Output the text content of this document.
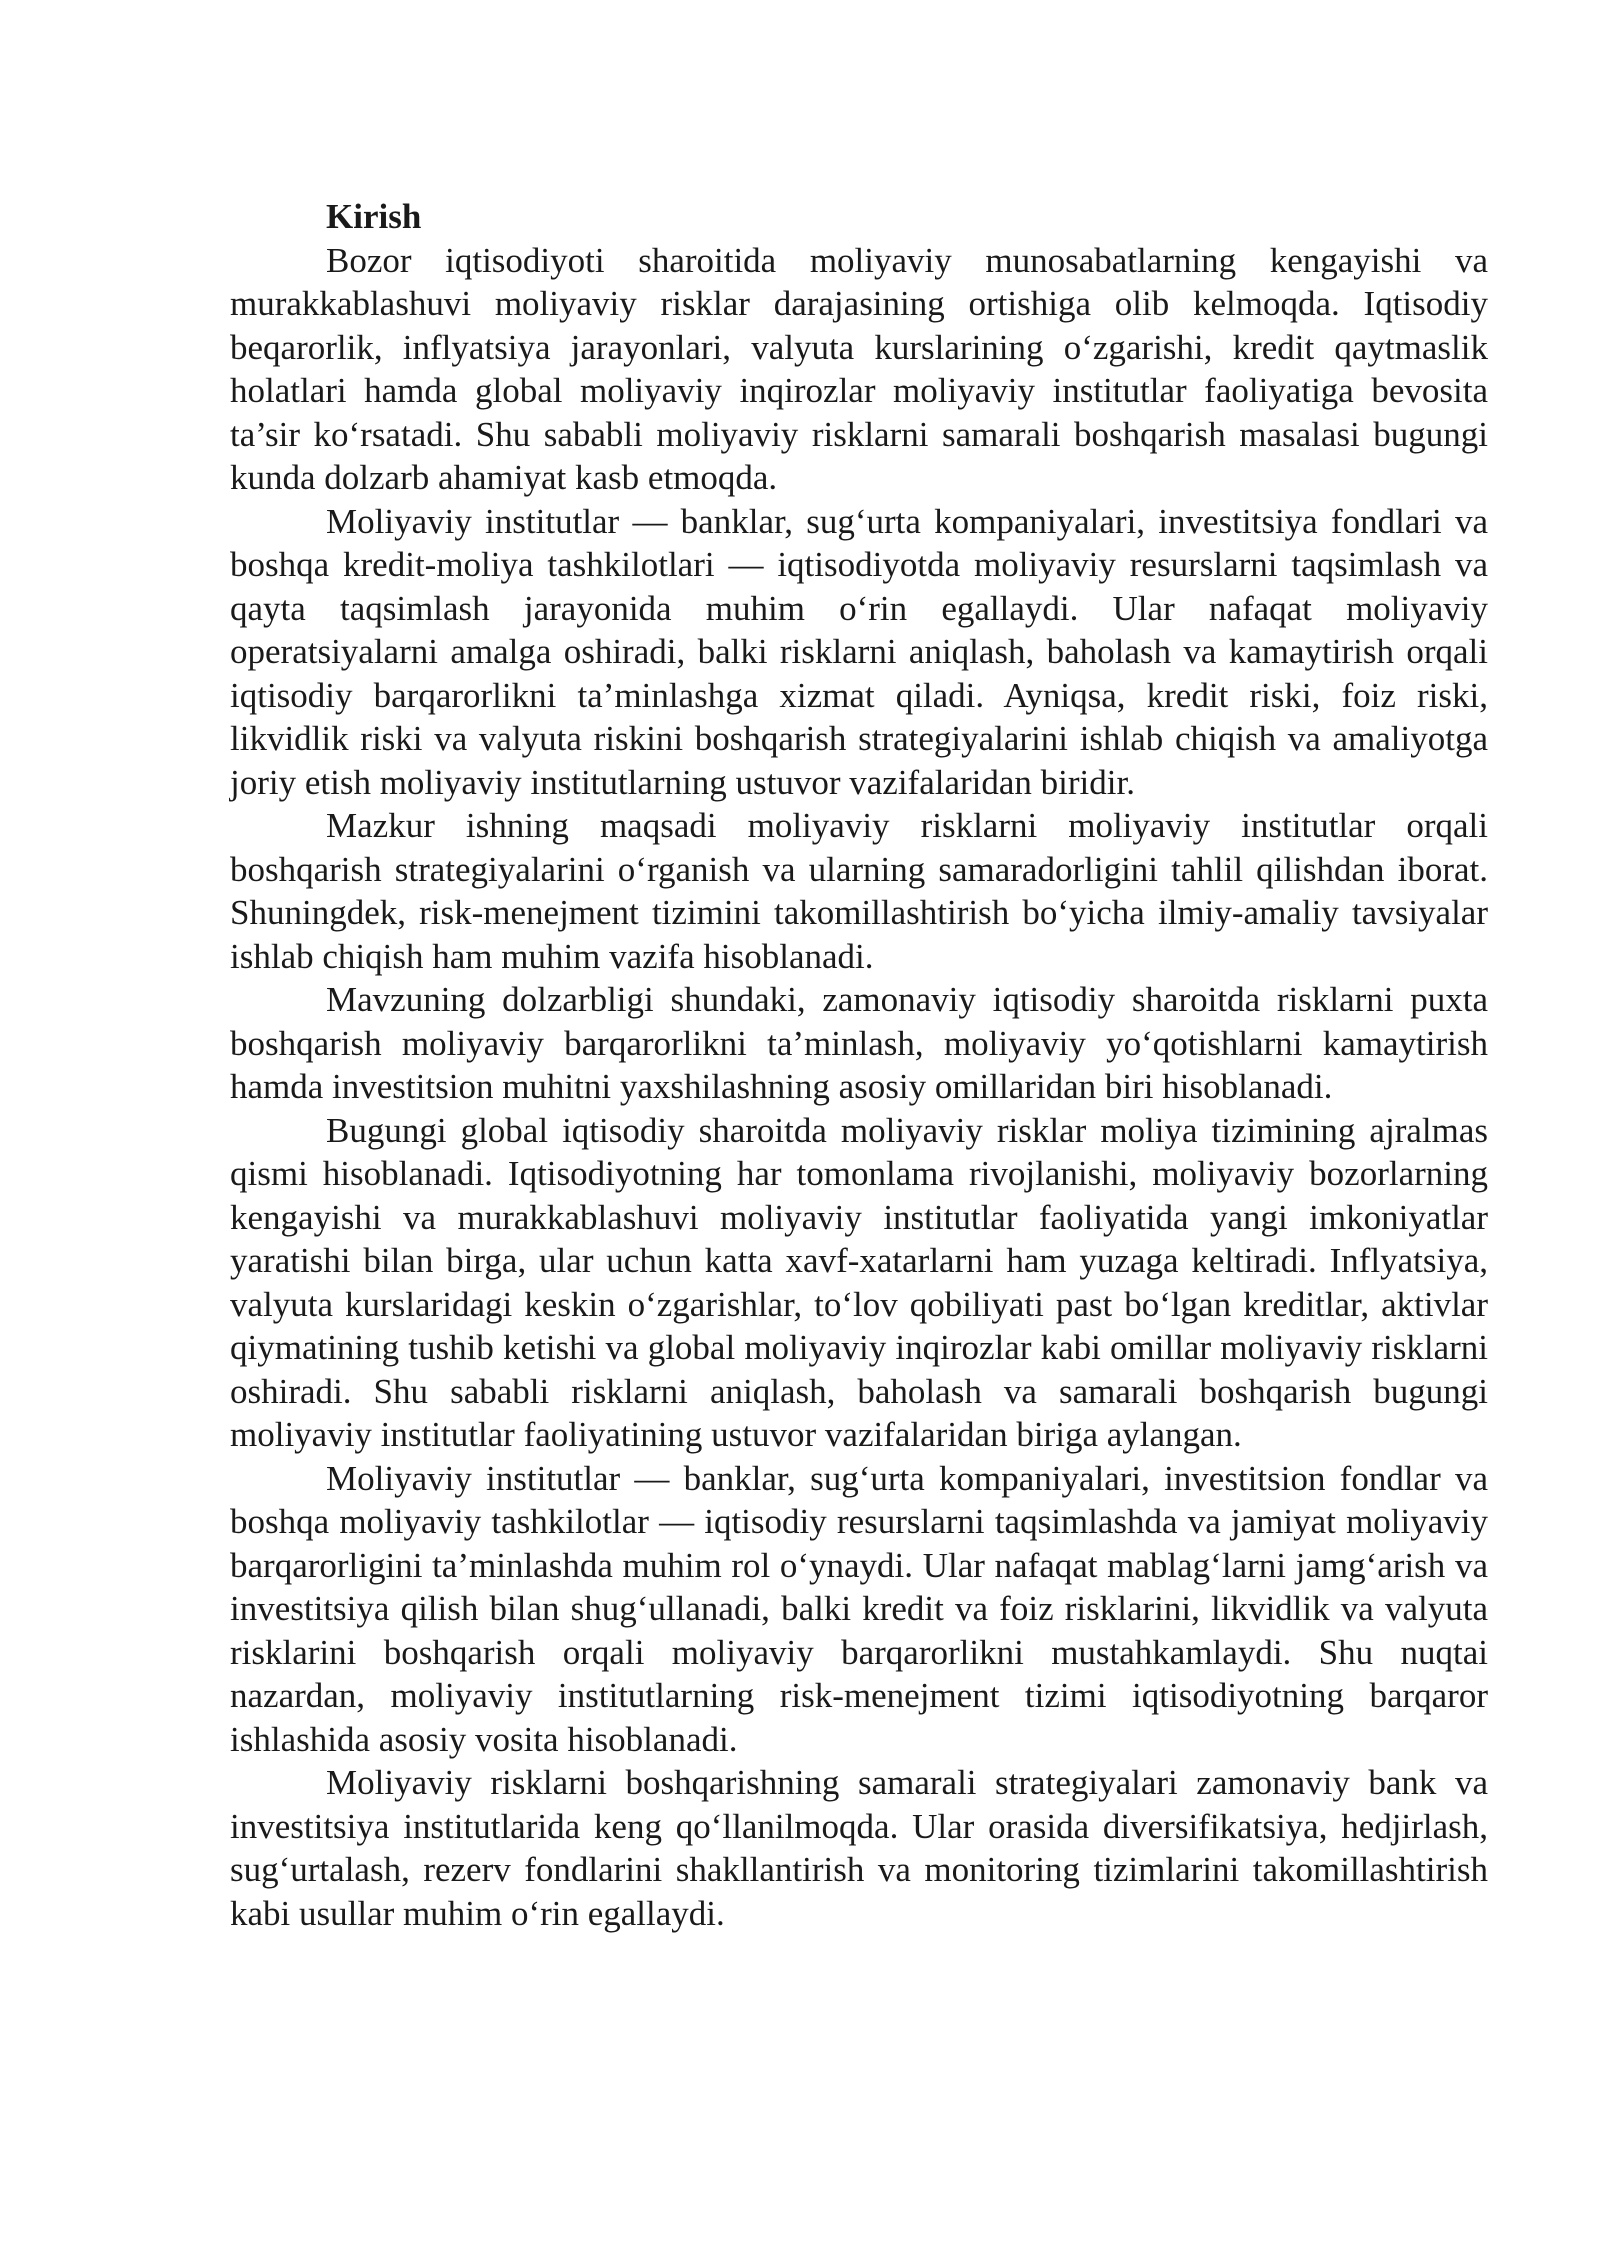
Kirish

Bozor iqtisodiyoti sharoitida moliyaviy munosabatlarning kengayishi va murakkablashuvi moliyaviy risklar darajasining ortishiga olib kelmoqda. Iqtisodiy beqarorlik, inflyatsiya jarayonlari, valyuta kurslarining o‘zgarishi, kredit qaytmaslik holatlari hamda global moliyaviy inqirozlar moliyaviy institutlar faoliyatiga bevosita ta’sir ko‘rsatadi. Shu sababli moliyaviy risklarni samarali boshqarish masalasi bugungi kunda dolzarb ahamiyat kasb etmoqda.

Moliyaviy institutlar — banklar, sug‘urta kompaniyalari, investitsiya fondlari va boshqa kredit-moliya tashkilotlari — iqtisodiyotda moliyaviy resurslarni taqsimlash va qayta taqsimlash jarayonida muhim o‘rin egallaydi. Ular nafaqat moliyaviy operatsiyalarni amalga oshiradi, balki risklarni aniqlash, baholash va kamaytirish orqali iqtisodiy barqarorlikni ta’minlashga xizmat qiladi. Ayniqsa, kredit riski, foiz riski, likvidlik riski va valyuta riskini boshqarish strategiyalarini ishlab chiqish va amaliyotga joriy etish moliyaviy institutlarning ustuvor vazifalaridan biridir.

Mazkur ishning maqsadi moliyaviy risklarni moliyaviy institutlar orqali boshqarish strategiyalarini o‘rganish va ularning samaradorligini tahlil qilishdan iborat. Shuningdek, risk-menejment tizimini takomillashtirish bo‘yicha ilmiy-amaliy tavsiyalar ishlab chiqish ham muhim vazifa hisoblanadi.

Mavzuning dolzarbligi shundaki, zamonaviy iqtisodiy sharoitda risklarni puxta boshqarish moliyaviy barqarorlikni ta’minlash, moliyaviy yo‘qotishlarni kamaytirish hamda investitsion muhitni yaxshilashning asosiy omillaridan biri hisoblanadi.

Bugungi global iqtisodiy sharoitda moliyaviy risklar moliya tizimining ajralmas qismi hisoblanadi. Iqtisodiyotning har tomonlama rivojlanishi, moliyaviy bozorlarning kengayishi va murakkablashuvi moliyaviy institutlar faoliyatida yangi imkoniyatlar yaratishi bilan birga, ular uchun katta xavf-xatarlarni ham yuzaga keltiradi. Inflyatsiya, valyuta kurslaridagi keskin o‘zgarishlar, to‘lov qobiliyati past bo‘lgan kreditlar, aktivlar qiymatining tushib ketishi va global moliyaviy inqirozlar kabi omillar moliyaviy risklarni oshiradi. Shu sababli risklarni aniqlash, baholash va samarali boshqarish bugungi moliyaviy institutlar faoliyatining ustuvor vazifalaridan biriga aylangan.

Moliyaviy institutlar — banklar, sug‘urta kompaniyalari, investitsion fondlar va boshqa moliyaviy tashkilotlar — iqtisodiy resurslarni taqsimlashda va jamiyat moliyaviy barqarorligini ta’minlashda muhim rol o‘ynaydi. Ular nafaqat mablag‘larni jamg‘arish va investitsiya qilish bilan shug‘ullanadi, balki kredit va foiz risklarini, likvidlik va valyuta risklarini boshqarish orqali moliyaviy barqarorlikni mustahkamlaydi. Shu nuqtai nazardan, moliyaviy institutlarning risk-menejment tizimi iqtisodiyotning barqaror ishlashida asosiy vosita hisoblanadi.

Moliyaviy risklarni boshqarishning samarali strategiyalari zamonaviy bank va investitsiya institutlarida keng qo‘llanilmoqda. Ular orasida diversifikatsiya, hedjirlash, sug‘urtalash, rezerv fondlarini shakllantirish va monitoring tizimlarini takomillashtirish kabi usullar muhim o‘rin egallaydi.
